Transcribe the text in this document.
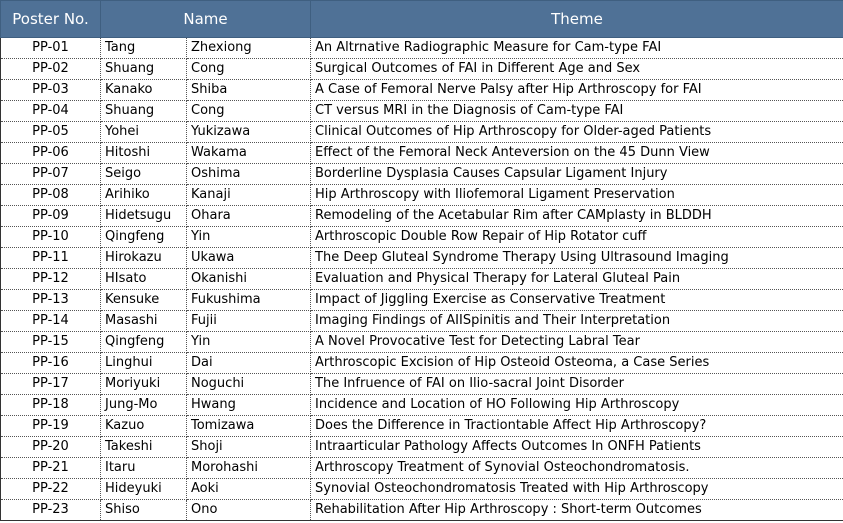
Poster No.	Name		Theme
PP-01	Tang	Zhexiong	An Altrnative Radiographic Measure for Cam-type FAI
PP-02	Shuang	Cong	Surgical Outcomes of FAI in Different Age and Sex
PP-03	Kanako	Shiba	A Case of Femoral Nerve Palsy after Hip Arthroscopy for FAI
PP-04	Shuang	Cong	CT versus MRI in the Diagnosis of Cam-type FAI
PP-05	Yohei	Yukizawa	Clinical Outcomes of Hip Arthroscopy for Older-aged Patients
PP-06	Hitoshi	Wakama	Effect of the Femoral Neck Anteversion on the 45 Dunn View
PP-07	Seigo	Oshima	Borderline Dysplasia Causes Capsular Ligament Injury
PP-08	Arihiko	Kanaji	Hip Arthroscopy with Iliofemoral Ligament Preservation
PP-09	Hidetsugu	Ohara	Remodeling of the Acetabular Rim after CAMplasty in BLDDH
PP-10	Qingfeng	Yin	Arthroscopic Double Row Repair of Hip Rotator cuff
PP-11	Hirokazu	Ukawa	The Deep Gluteal Syndrome Therapy Using Ultrasound Imaging
PP-12	HIsato	Okanishi	Evaluation and Physical Therapy for Lateral Gluteal Pain
PP-13	Kensuke	Fukushima	Impact of Jiggling Exercise as Conservative Treatment
PP-14	Masashi	Fujii	Imaging Findings of AIISpinitis and Their Interpretation
PP-15	Qingfeng	Yin	A Novel Provocative Test for Detecting Labral Tear
PP-16	Linghui	Dai	Arthroscopic Excision of Hip Osteoid Osteoma, a Case Series
PP-17	Moriyuki	Noguchi	The Infruence of FAI on Ilio-sacral Joint Disorder
PP-18	Jung-Mo	Hwang	Incidence and Location of HO Following Hip Arthroscopy
PP-19	Kazuo	Tomizawa	Does the Difference in Tractiontable Affect Hip Arthroscopy?
PP-20	Takeshi	Shoji	Intraarticular Pathology Affects Outcomes In ONFH Patients
PP-21	Itaru	Morohashi	Arthroscopy Treatment of Synovial Osteochondromatosis.
PP-22	Hideyuki	Aoki	Synovial Osteochondromatosis Treated with Hip Arthroscopy
PP-23	Shiso	Ono	Rehabilitation After Hip Arthroscopy : Short-term Outcomes
